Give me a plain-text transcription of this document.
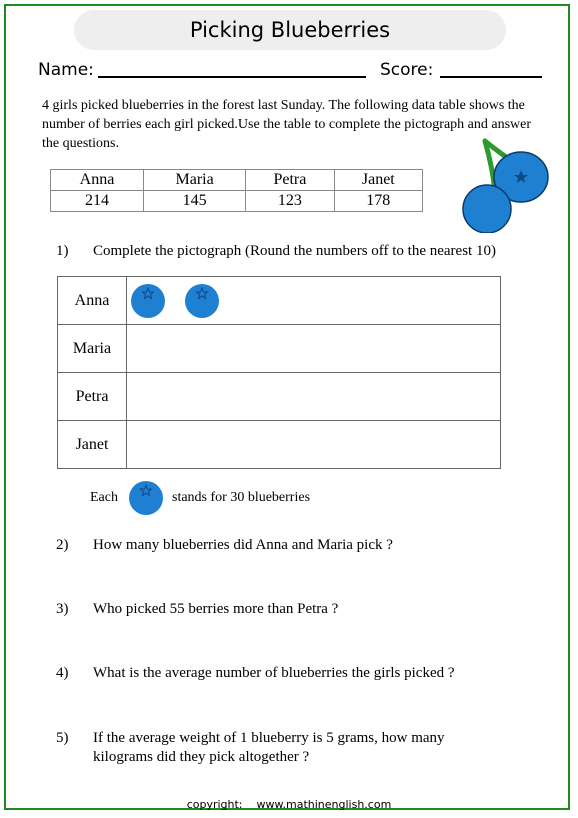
Picking Blueberries
Name:	Score:
4 girls picked blueberries in the forest last Sunday. The following data table shows the number of berries each girl picked.Use the table to complete the pictograph and answer the questions.
Anna	Maria	Petra	Janet
214	145	123	178
1) Complete the pictograph (Round the numbers off to the nearest 10)
Anna	

Maria	
Petra	
Janet	
Each	stands for 30 blueberries
2) How many blueberries did Anna and Maria pick ?
3) Who picked 55 berries more than Petra ?
4) What is the average number of blueberries the girls picked ?
5) If the average weight of 1 blueberry is 5 grams, how many kilograms did they pick altogether ?
copyright: www.mathinenglish.com
